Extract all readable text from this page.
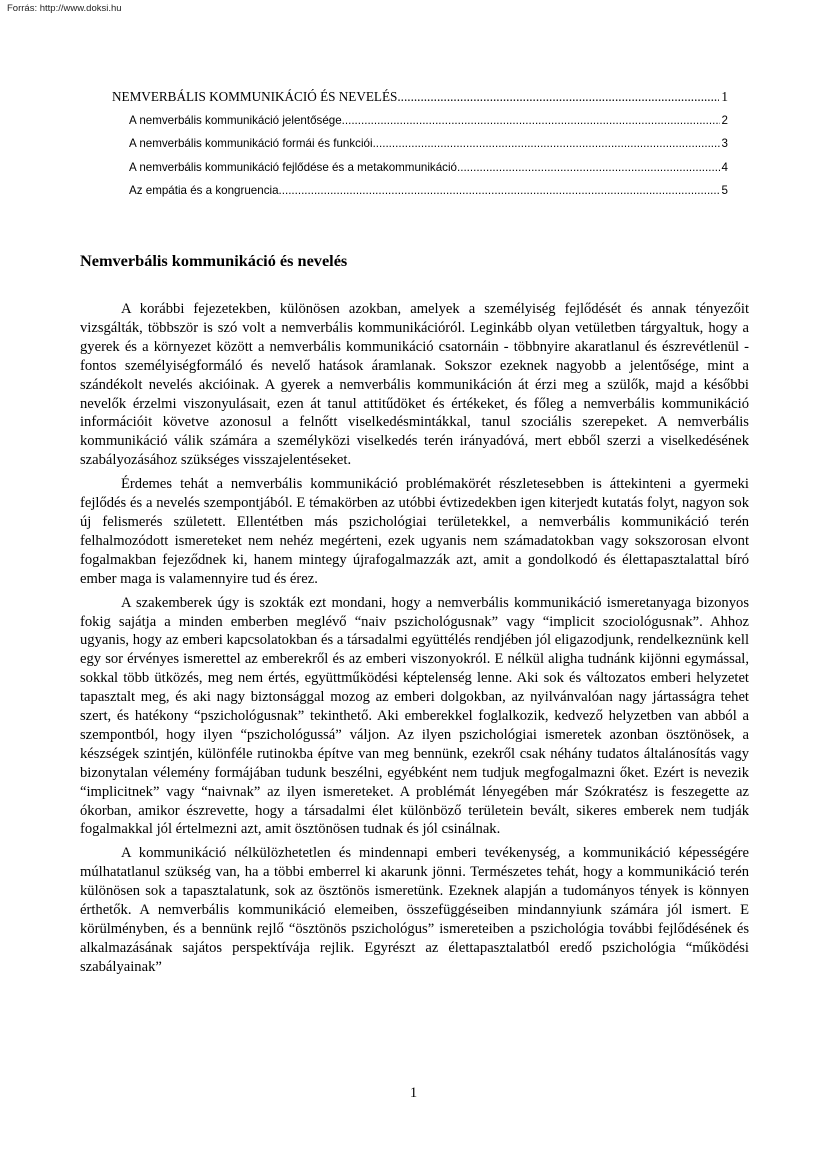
Forrás: http://www.doksi.hu
NEMVERBÁLIS KOMMUNIKÁCIÓ ÉS NEVELÉS .....	1
A nemverbális kommunikáció jelentősége .....	2
A nemverbális kommunikáció formái és funkciói .....	3
A nemverbális kommunikáció fejlődése és a metakommunikáció .....	4
Az empátia és a kongruencia .....	5
Nemverbális kommunikáció és nevelés

A korábbi fejezetekben, különösen azokban, amelyek a személyiség fejlődését és annak tényezőit vizsgálták, többször is szó volt a nemverbális kommunikációról. Leginkább olyan vetületben tárgyaltuk, hogy a gyerek és a környezet között a nemverbális kommunikáció csatornáin - többnyire akaratlanul és észrevétlenül - fontos személyiségformáló és nevelő hatások áramlanak. Sokszor ezeknek nagyobb a jelentősége, mint a szándékolt nevelés akcióinak. A gyerek a nemverbális kommunikáción át érzi meg a szülők, majd a későbbi nevelők érzelmi viszonyulásait, ezen át tanul attitűdöket és értékeket, és főleg a nemverbális kommunikáció információit követve azonosul a felnőtt viselkedésmintákkal, tanul szociális szerepeket. A nemverbális kommunikáció válik számára a személyközi viselkedés terén irányadóvá, mert ebből szerzi a viselkedésének szabályozásához szükséges visszajelentéseket.

Érdemes tehát a nemverbális kommunikáció problémakörét részletesebben is áttekinteni a gyermeki fejlődés és a nevelés szempontjából. E témakörben az utóbbi évtizedekben igen kiterjedt kutatás folyt, nagyon sok új felismerés született. Ellentétben más pszichológiai területekkel, a nemverbális kommunikáció terén felhalmozódott ismereteket nem nehéz megérteni, ezek ugyanis nem számadatokban vagy sokszorosan elvont fogalmakban fejeződnek ki, hanem mintegy újrafogalmazzák azt, amit a gondolkodó és élettapasztalattal bíró ember maga is valamennyire tud és érez.

A szakemberek úgy is szokták ezt mondani, hogy a nemverbális kommunikáció ismeretanyaga bizonyos fokig sajátja a minden emberben meglévő “naiv pszichológusnak” vagy “implicit szociológusnak”. Ahhoz ugyanis, hogy az emberi kapcsolatokban és a társadalmi együttélés rendjében jól eligazodjunk, rendelkeznünk kell egy sor érvényes ismerettel az emberekről és az emberi viszonyokról. E nélkül aligha tudnánk kijönni egymással, sokkal több ütközés, meg nem értés, együttműködési képtelenség lenne. Aki sok és változatos emberi helyzetet tapasztalt meg, és aki nagy biztonsággal mozog az emberi dolgokban, az nyilvánvalóan nagy jártasságra tehet szert, és hatékony “pszichológusnak” tekinthető. Aki emberekkel foglalkozik, kedvező helyzetben van abból a szempontból, hogy ilyen “pszichológussá” váljon. Az ilyen pszichológiai ismeretek azonban ösztönösek, a készségek szintjén, különféle rutinokba építve van meg bennünk, ezekről csak néhány tudatos általánosítás vagy bizonytalan vélemény formájában tudunk beszélni, egyébként nem tudjuk megfogalmazni őket. Ezért is nevezik “implicitnek” vagy “naivnak” az ilyen ismereteket. A problémát lényegében már Szókratész is feszegette az ókorban, amikor észrevette, hogy a társadalmi élet különböző területein bevált, sikeres emberek nem tudják fogalmakkal jól értelmezni azt, amit ösztönösen tudnak és jól csinálnak.

A kommunikáció nélkülözhetetlen és mindennapi emberi tevékenység, a kommunikáció képességére múlhatatlanul szükség van, ha a többi emberrel ki akarunk jönni. Természetes tehát, hogy a kommunikáció terén különösen sok a tapasztalatunk, sok az ösztönös ismeretünk. Ezeknek alapján a tudományos tények is könnyen érthetők. A nemverbális kommunikáció elemeiben, összefüggéseiben mindannyiunk számára jól ismert. E körülményben, és a bennünk rejlő “ösztönös pszichológus” ismereteiben a pszichológia további fejlődésének és alkalmazásának sajátos perspektívája rejlik. Egyrészt az élettapasztalatból eredő pszichológia “működési szabályainak”

1
